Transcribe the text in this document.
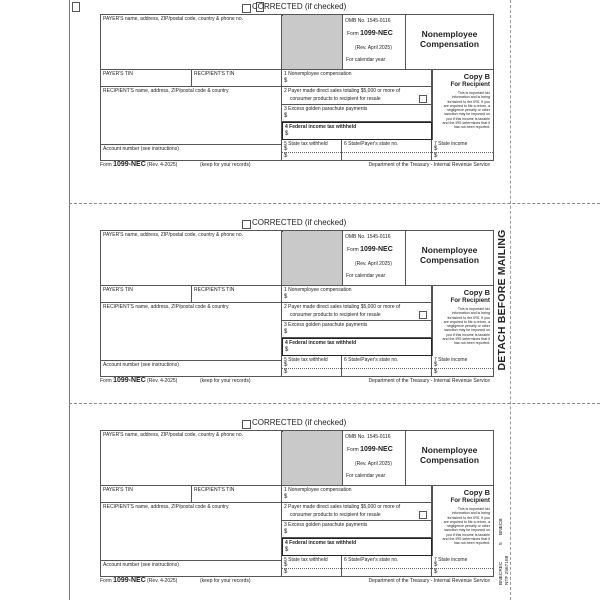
DETACH BEFORE MAILING
CORRECTED (if checked)
PAYER'S name, address, ZIP/postal code, country & phone no.	OMB No. 1545-0116
Form 1099-NEC
(Rev. April 2025)
For calendar year
Nonemployee
Compensation
PAYER'S TIN	RECIPIENT'S TIN
RECIPIENT'S name, address, ZIP/postal code & country
Account number (see instructions)
1 Nonemployee compensation
$
2 Payer made direct sales totaling $5,000 or more of
consumer products to recipient for resale
3 Excess golden parachute payments
$
4 Federal income tax withheld
$
5 State tax withheld
$
$
6 State/Payer's state no.	7 State income
$
$
Copy B
For Recipient
This is important tax
information and is being
furnished to the IRS. If you
are required to file a return, a
negligence penalty or other
sanction may be imposed on
you if this income is taxable
and the IRS determines that it
has not been reported.
Form 1099-NEC (Rev. 4-2025)	(keep for your records)	Department of the Treasury - Internal Revenue Service
CORRECTED (if checked)
PAYER'S name, address, ZIP/postal code, country & phone no.	OMB No. 1545-0116
Form 1099-NEC
(Rev. April 2025)
For calendar year
Nonemployee
Compensation
PAYER'S TIN	RECIPIENT'S TIN
RECIPIENT'S name, address, ZIP/postal code & country
Account number (see instructions)
1 Nonemployee compensation
$
2 Payer made direct sales totaling $5,000 or more of
consumer products to recipient for resale
3 Excess golden parachute payments
$
4 Federal income tax withheld
$
5 State tax withheld
$
$
6 State/Payer's state no.	7 State income
$
$
Copy B
For Recipient
This is important tax
information and is being
furnished to the IRS. If you
are required to file a return, a
negligence penalty or other
sanction may be imposed on
you if this income is taxable
and the IRS determines that it
has not been reported.
Form 1099-NEC (Rev. 4-2025)	(keep for your records)	Department of the Treasury - Internal Revenue Service
CORRECTED (if checked)
PAYER'S name, address, ZIP/postal code, country & phone no.	OMB No. 1545-0116
Form 1099-NEC
(Rev. April 2025)
For calendar year
Nonemployee
Compensation
PAYER'S TIN	RECIPIENT'S TIN
RECIPIENT'S name, address, ZIP/postal code & country
Account number (see instructions)
1 Nonemployee compensation
$
2 Payer made direct sales totaling $5,000 or more of
consumer products to recipient for resale
3 Excess golden parachute payments
$
4 Federal income tax withheld
$
5 State tax withheld
$
$
6 State/Payer's state no.	7 State income
$
$
Copy B
For Recipient
This is important tax
information and is being
furnished to the IRS. If you
are required to file a return, a
negligence penalty or other
sanction may be imposed on
you if this income is taxable
and the IRS determines that it
has not been reported.
Form 1099-NEC (Rev. 4-2025)	(keep for your records)	Department of the Treasury - Internal Revenue Service BNECREC
5
BNECB
NTF 2567168
